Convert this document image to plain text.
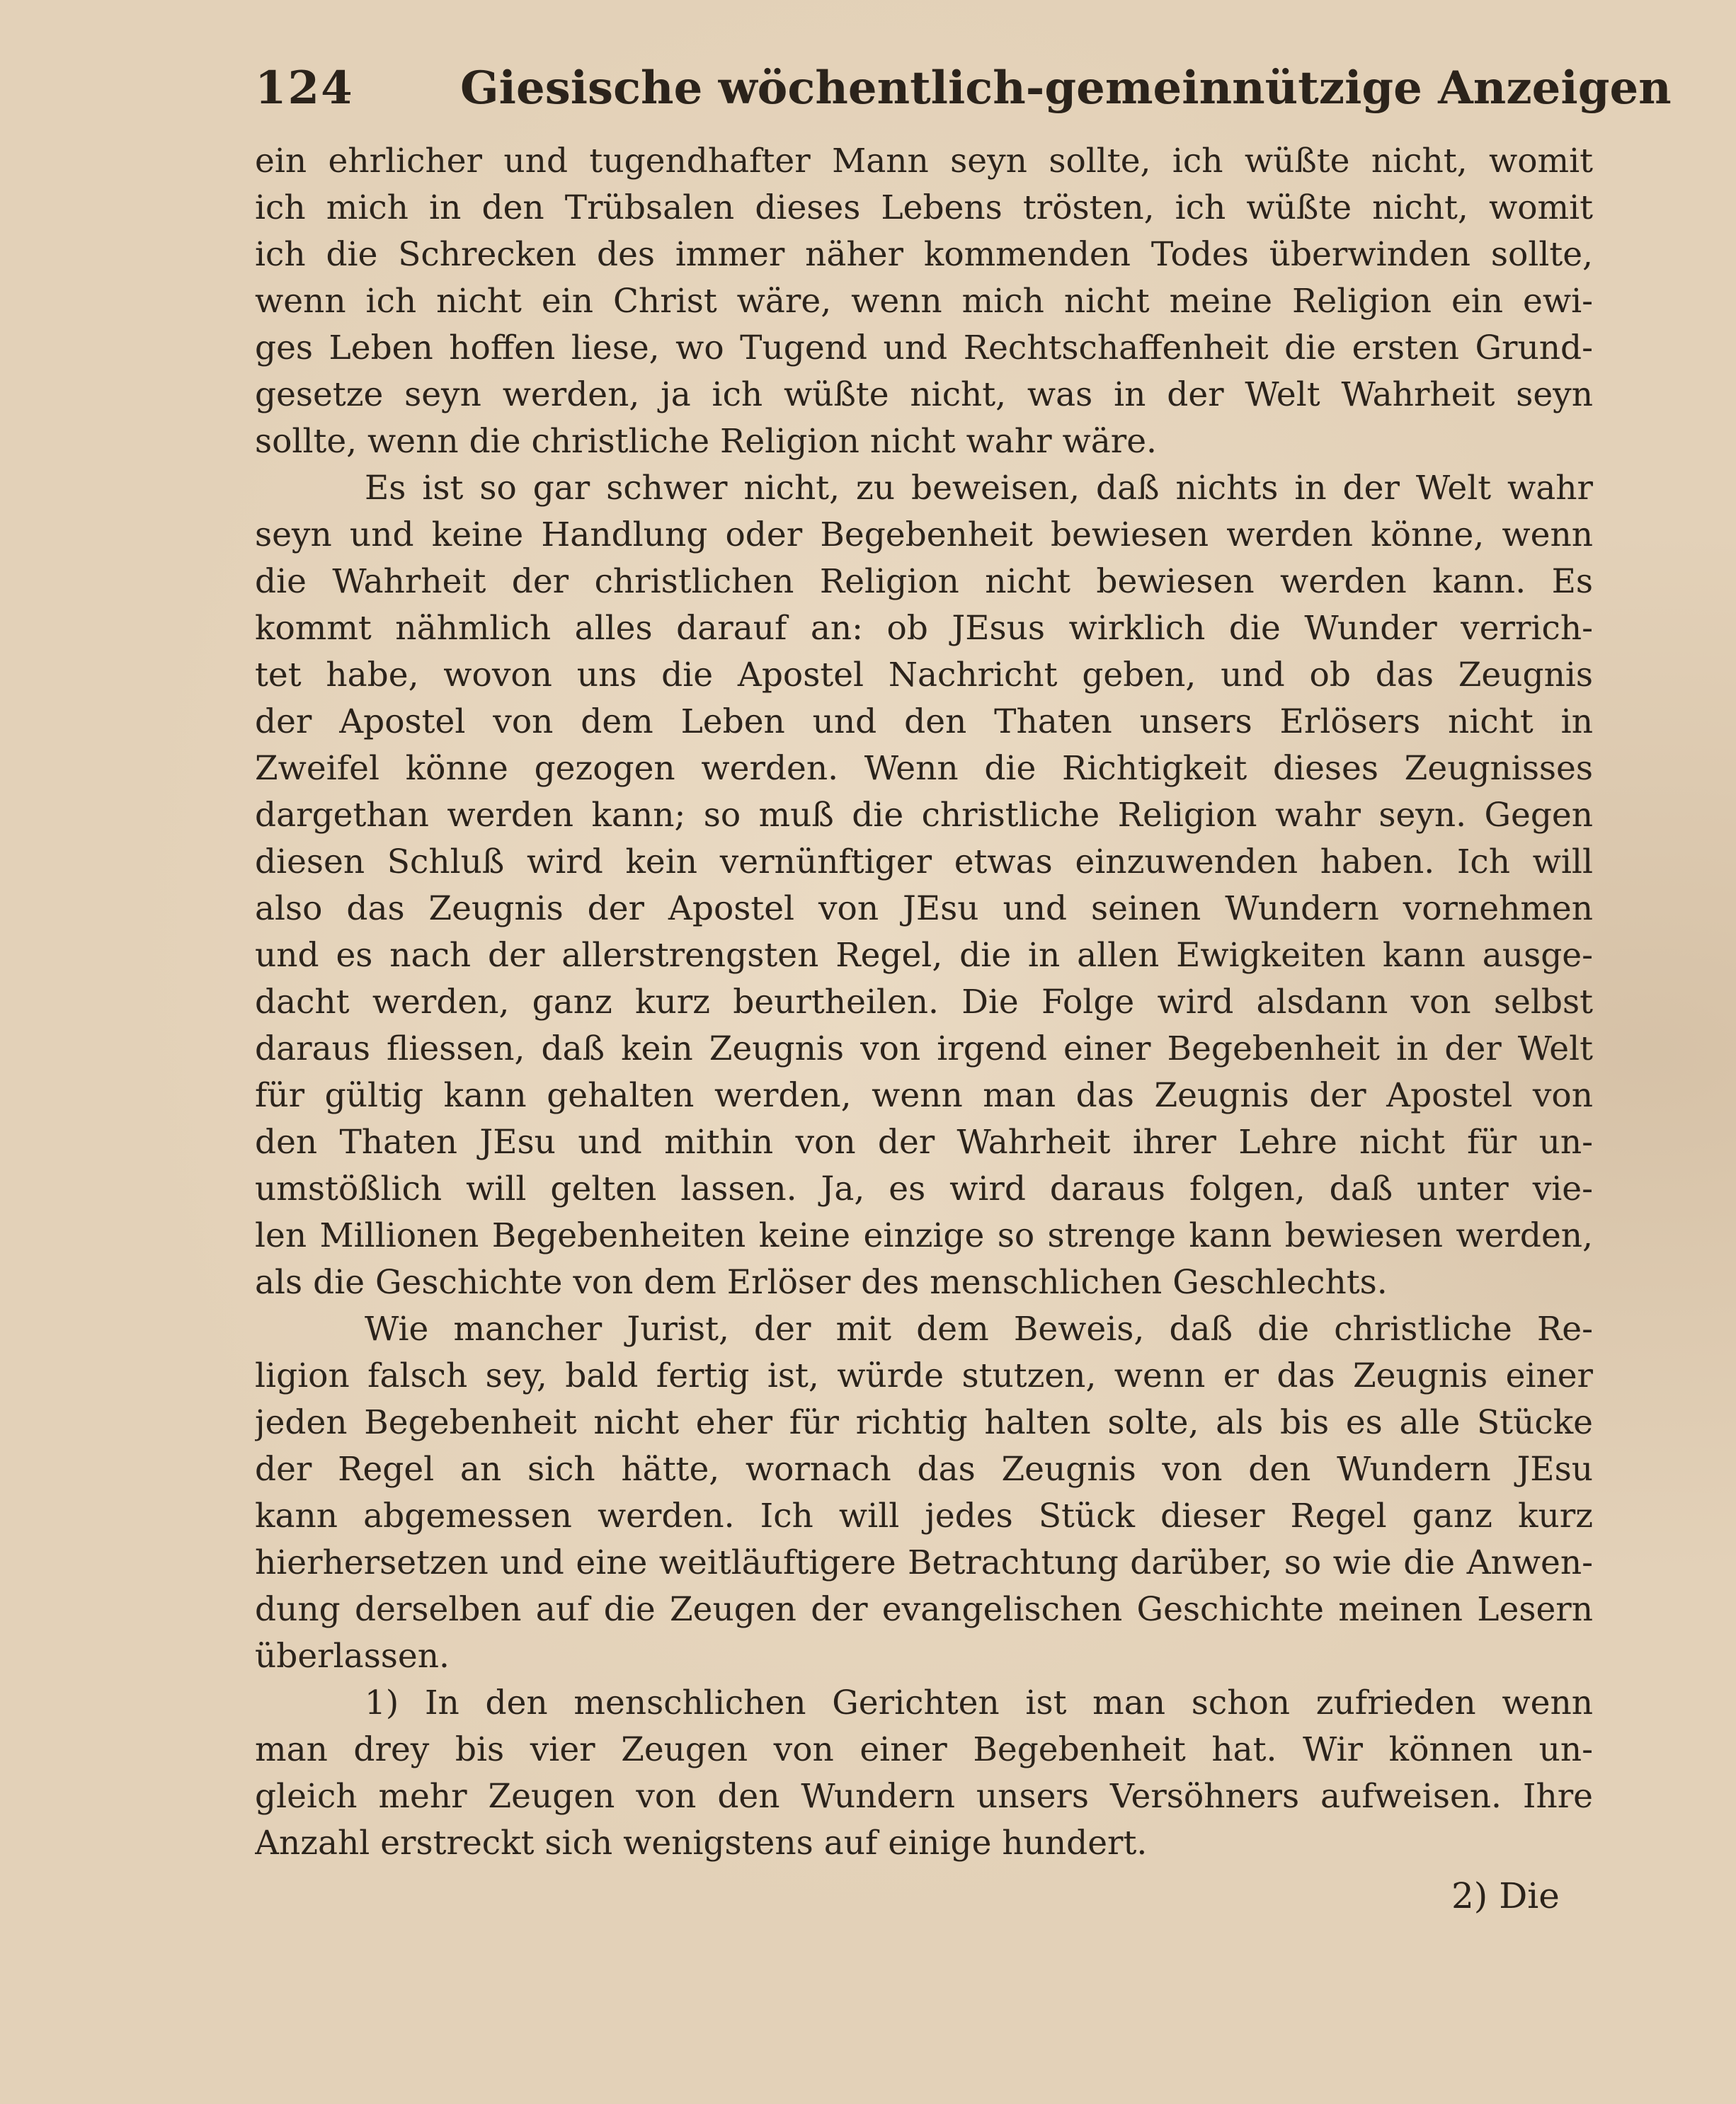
124 Giesische wöchentlich-gemeinnützige Anzeigen
ein ehrlicher und tugendhafter Mann seyn sollte, ich wüßte nicht, womit
ich mich in den Trübsalen dieses Lebens trösten, ich wüßte nicht, womit
ich die Schrecken des immer näher kommenden Todes überwinden sollte,
wenn ich nicht ein Christ wäre, wenn mich nicht meine Religion ein ewi-
ges Leben hoffen liese, wo Tugend und Rechtschaffenheit die ersten Grund-
gesetze seyn werden, ja ich wüßte nicht, was in der Welt Wahrheit seyn
sollte, wenn die christliche Religion nicht wahr wäre.
Es ist so gar schwer nicht, zu beweisen, daß nichts in der Welt wahr
seyn und keine Handlung oder Begebenheit bewiesen werden könne, wenn
die Wahrheit der christlichen Religion nicht bewiesen werden kann. Es
kommt nähmlich alles darauf an: ob JEsus wirklich die Wunder verrich-
tet habe, wovon uns die Apostel Nachricht geben, und ob das Zeugnis
der Apostel von dem Leben und den Thaten unsers Erlösers nicht in
Zweifel könne gezogen werden. Wenn die Richtigkeit dieses Zeugnisses
dargethan werden kann; so muß die christliche Religion wahr seyn. Gegen
diesen Schluß wird kein vernünftiger etwas einzuwenden haben. Ich will
also das Zeugnis der Apostel von JEsu und seinen Wundern vornehmen
und es nach der allerstrengsten Regel, die in allen Ewigkeiten kann ausge-
dacht werden, ganz kurz beurtheilen. Die Folge wird alsdann von selbst
daraus fliessen, daß kein Zeugnis von irgend einer Begebenheit in der Welt
für gültig kann gehalten werden, wenn man das Zeugnis der Apostel von
den Thaten JEsu und mithin von der Wahrheit ihrer Lehre nicht für un-
umstößlich will gelten lassen. Ja, es wird daraus folgen, daß unter vie-
len Millionen Begebenheiten keine einzige so strenge kann bewiesen werden,
als die Geschichte von dem Erlöser des menschlichen Geschlechts.
Wie mancher Jurist, der mit dem Beweis, daß die christliche Re-
ligion falsch sey, bald fertig ist, würde stutzen, wenn er das Zeugnis einer
jeden Begebenheit nicht eher für richtig halten solte, als bis es alle Stücke
der Regel an sich hätte, wornach das Zeugnis von den Wundern JEsu
kann abgemessen werden. Ich will jedes Stück dieser Regel ganz kurz
hierhersetzen und eine weitläuftigere Betrachtung darüber, so wie die Anwen-
dung derselben auf die Zeugen der evangelischen Geschichte meinen Lesern
überlassen.
1) In den menschlichen Gerichten ist man schon zufrieden wenn
man drey bis vier Zeugen von einer Begebenheit hat. Wir können un-
gleich mehr Zeugen von den Wundern unsers Versöhners aufweisen. Ihre
Anzahl erstreckt sich wenigstens auf einige hundert.
2) Die
